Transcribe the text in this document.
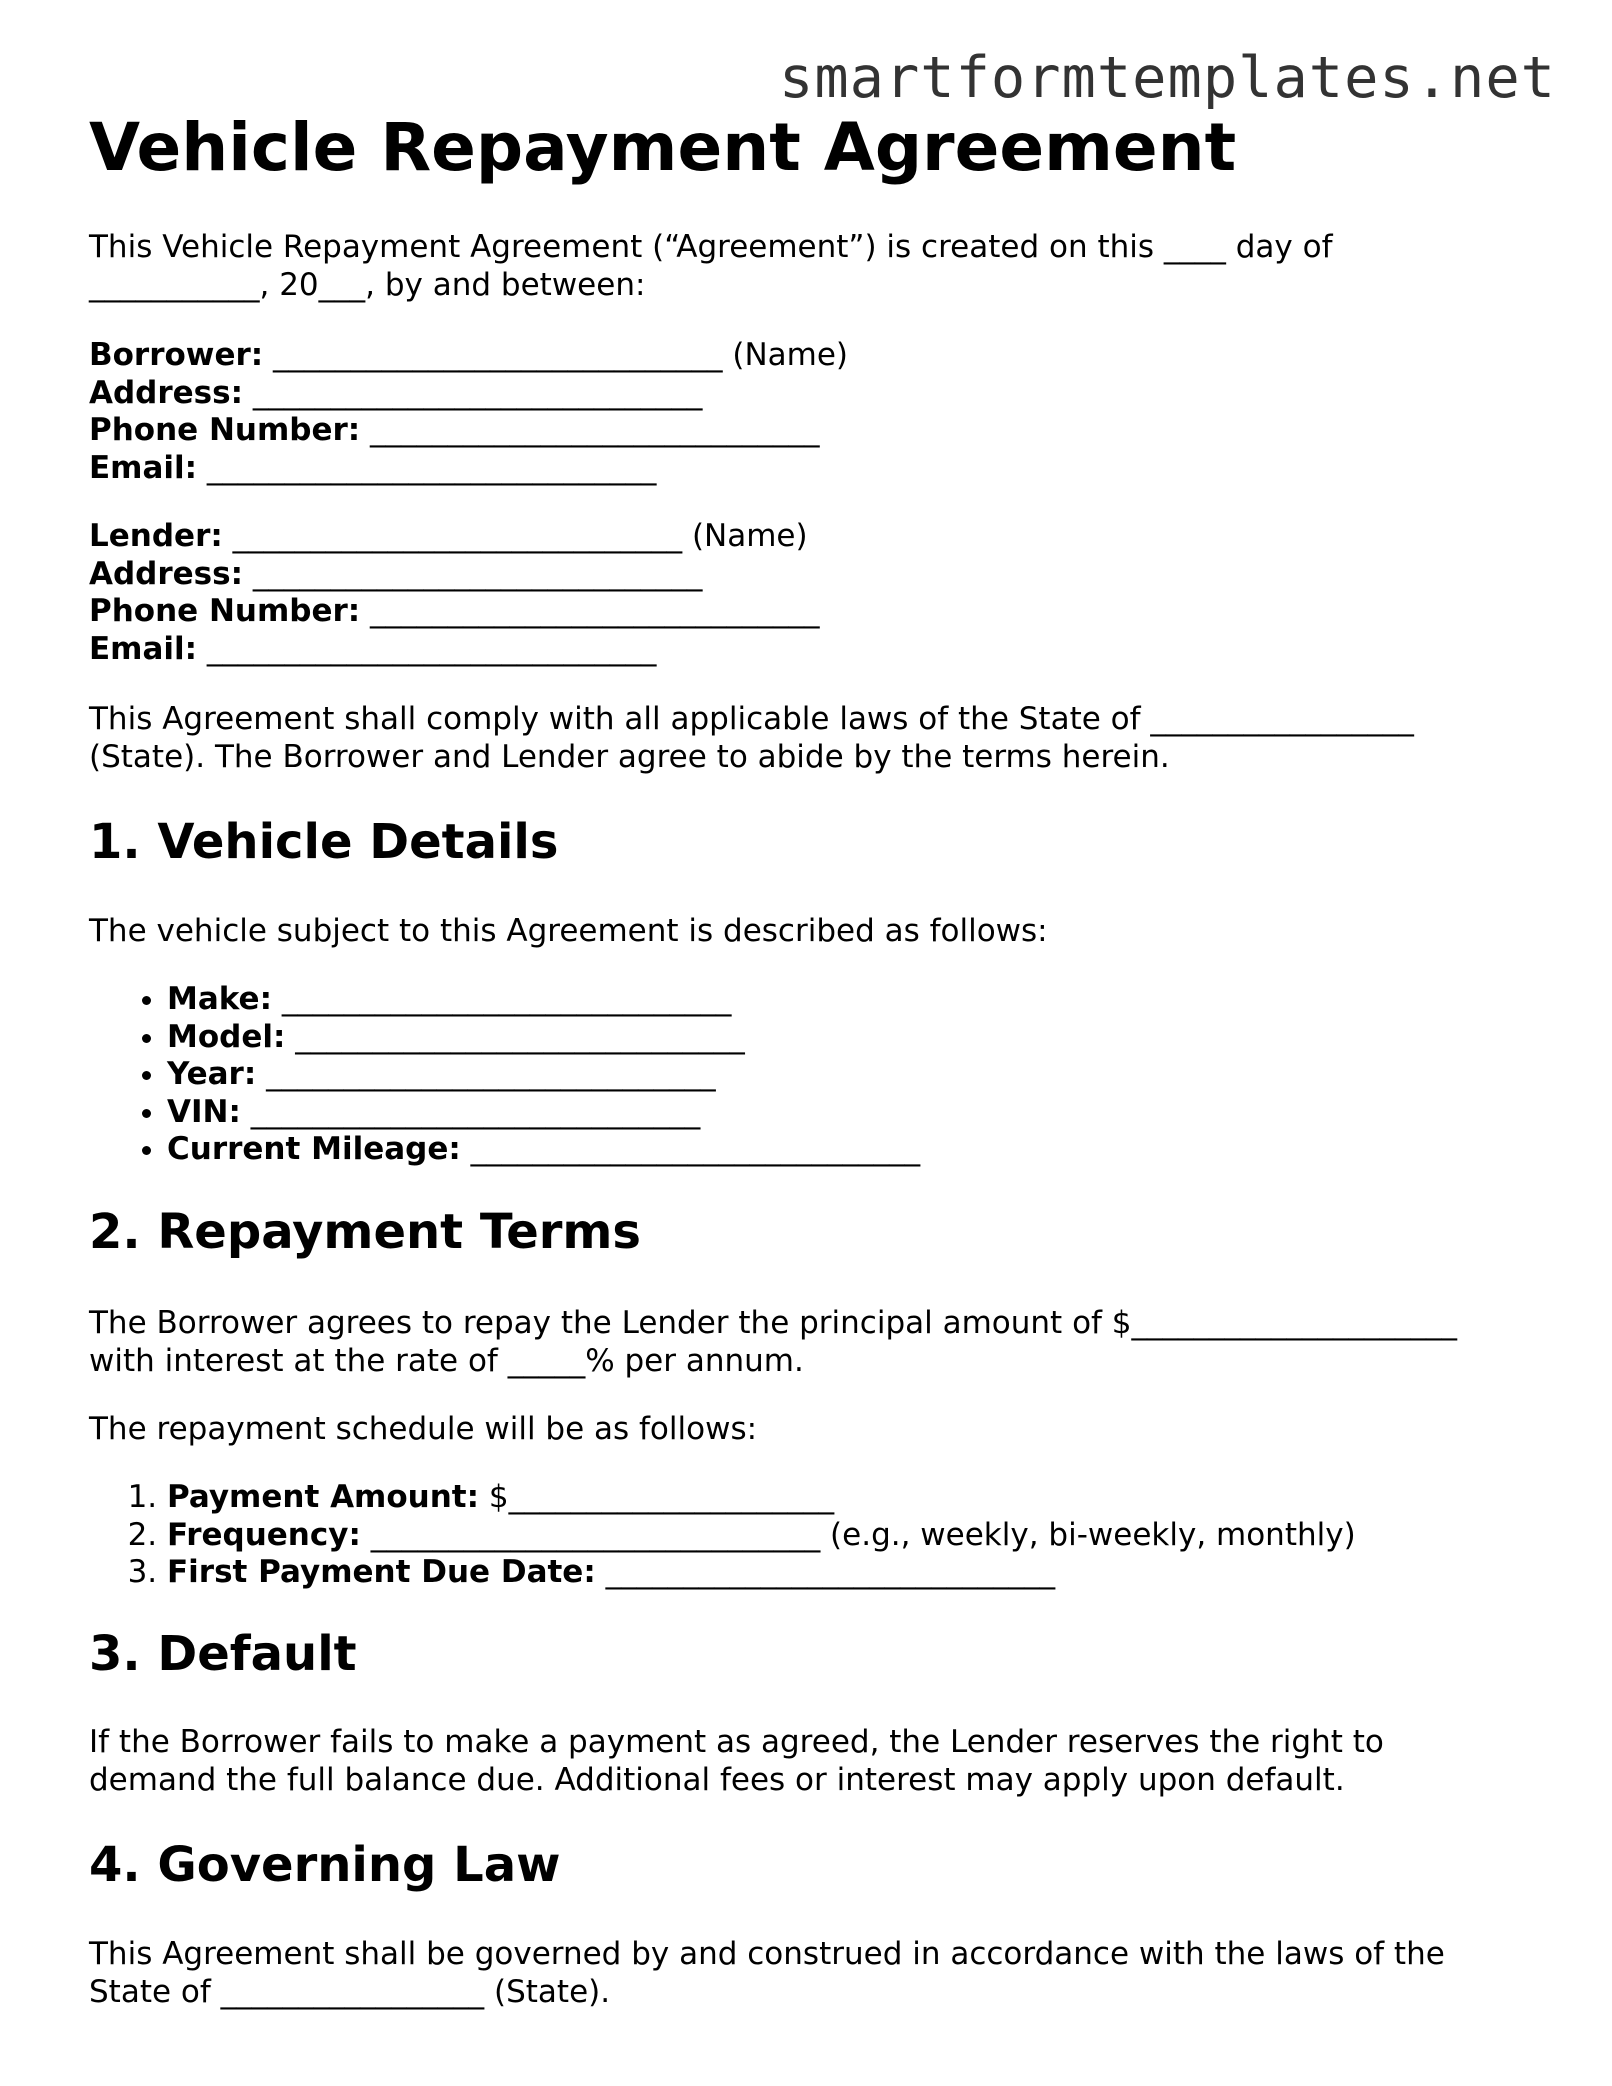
smartformtemplates.net
Vehicle Repayment Agreement

This Vehicle Repayment Agreement (“Agreement”) is created on this ____ day of

___________, 20___, by and between:

Borrower: _____________________________ (Name)

Address: _____________________________

Phone Number: _____________________________

Email: _____________________________

Lender: _____________________________ (Name)

Address: _____________________________

Phone Number: _____________________________

Email: _____________________________

This Agreement shall comply with all applicable laws of the State of _________________

(State). The Borrower and Lender agree to abide by the terms herein.

1. Vehicle Details

The vehicle subject to this Agreement is described as follows:

• Make: _____________________________
• Model: _____________________________
• Year: _____________________________
• VIN: _____________________________
• Current Mileage: _____________________________
2. Repayment Terms

The Borrower agrees to repay the Lender the principal amount of $_____________________

with interest at the rate of _____% per annum.

The repayment schedule will be as follows:

1. Payment Amount: $_____________________
2. Frequency: _____________________________ (e.g., weekly, bi-weekly, monthly)
3. First Payment Due Date: _____________________________
3. Default

If the Borrower fails to make a payment as agreed, the Lender reserves the right to

demand the full balance due. Additional fees or interest may apply upon default.

4. Governing Law

This Agreement shall be governed by and construed in accordance with the laws of the

State of _________________ (State).
